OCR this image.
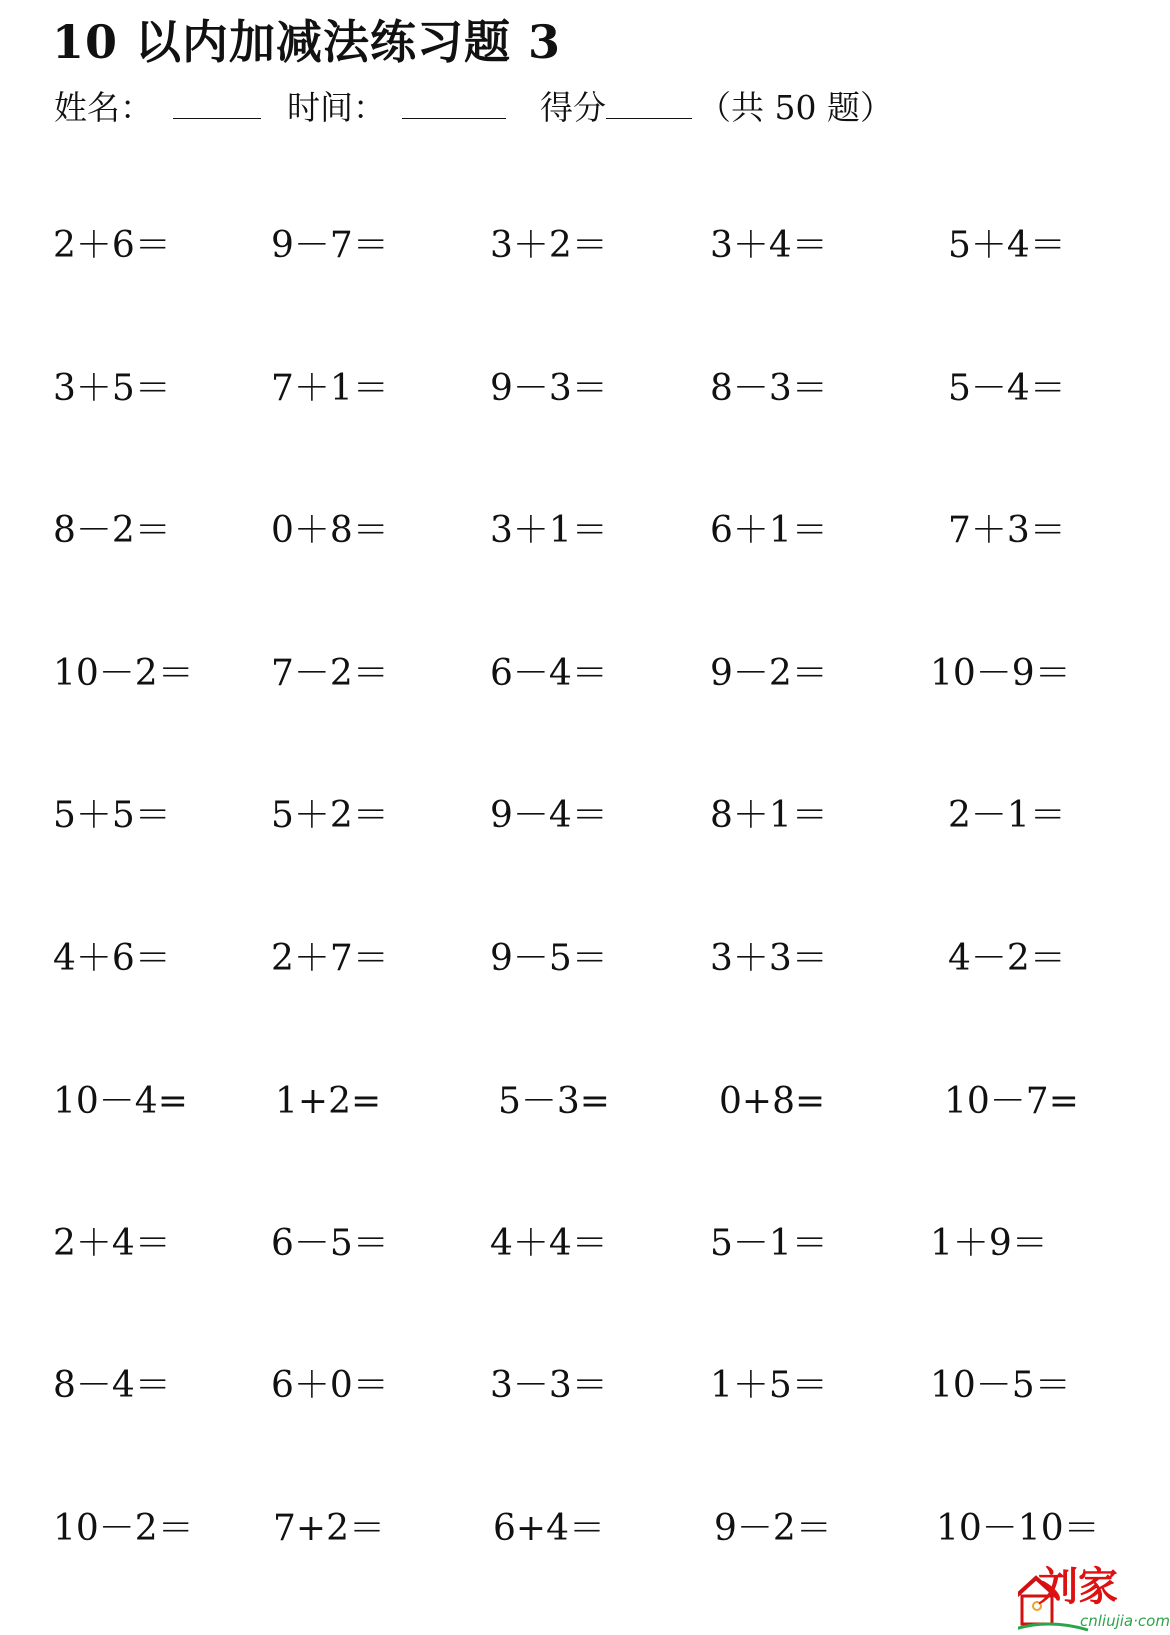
10 以内加减法练习题 3
姓名：	时间：	得分	（共 50 题）
2＋6＝	9－7＝	3＋2＝	3＋4＝	5＋4＝
3＋5＝	7＋1＝	9－3＝	8－3＝	5－4＝
8－2＝	0＋8＝	3＋1＝	6＋1＝	7＋3＝
10－2＝ 7－2＝	6－4＝	9－2＝	10－9＝
5＋5＝	5＋2＝	9－4＝	8＋1＝	2－1＝
4＋6＝	2＋7＝	9－5＝	3＋3＝	4－2＝
10－4= 1+2=	5－3=	0+8=	10－7=
2＋4＝	6－5＝	4＋4＝	5－1＝	1＋9＝
8－4＝	6＋0＝	3－3＝	1＋5＝	10－5＝
10－2＝ 7+2＝	6+4＝	9－2＝	10－10＝
刘家
cnliujia·com
